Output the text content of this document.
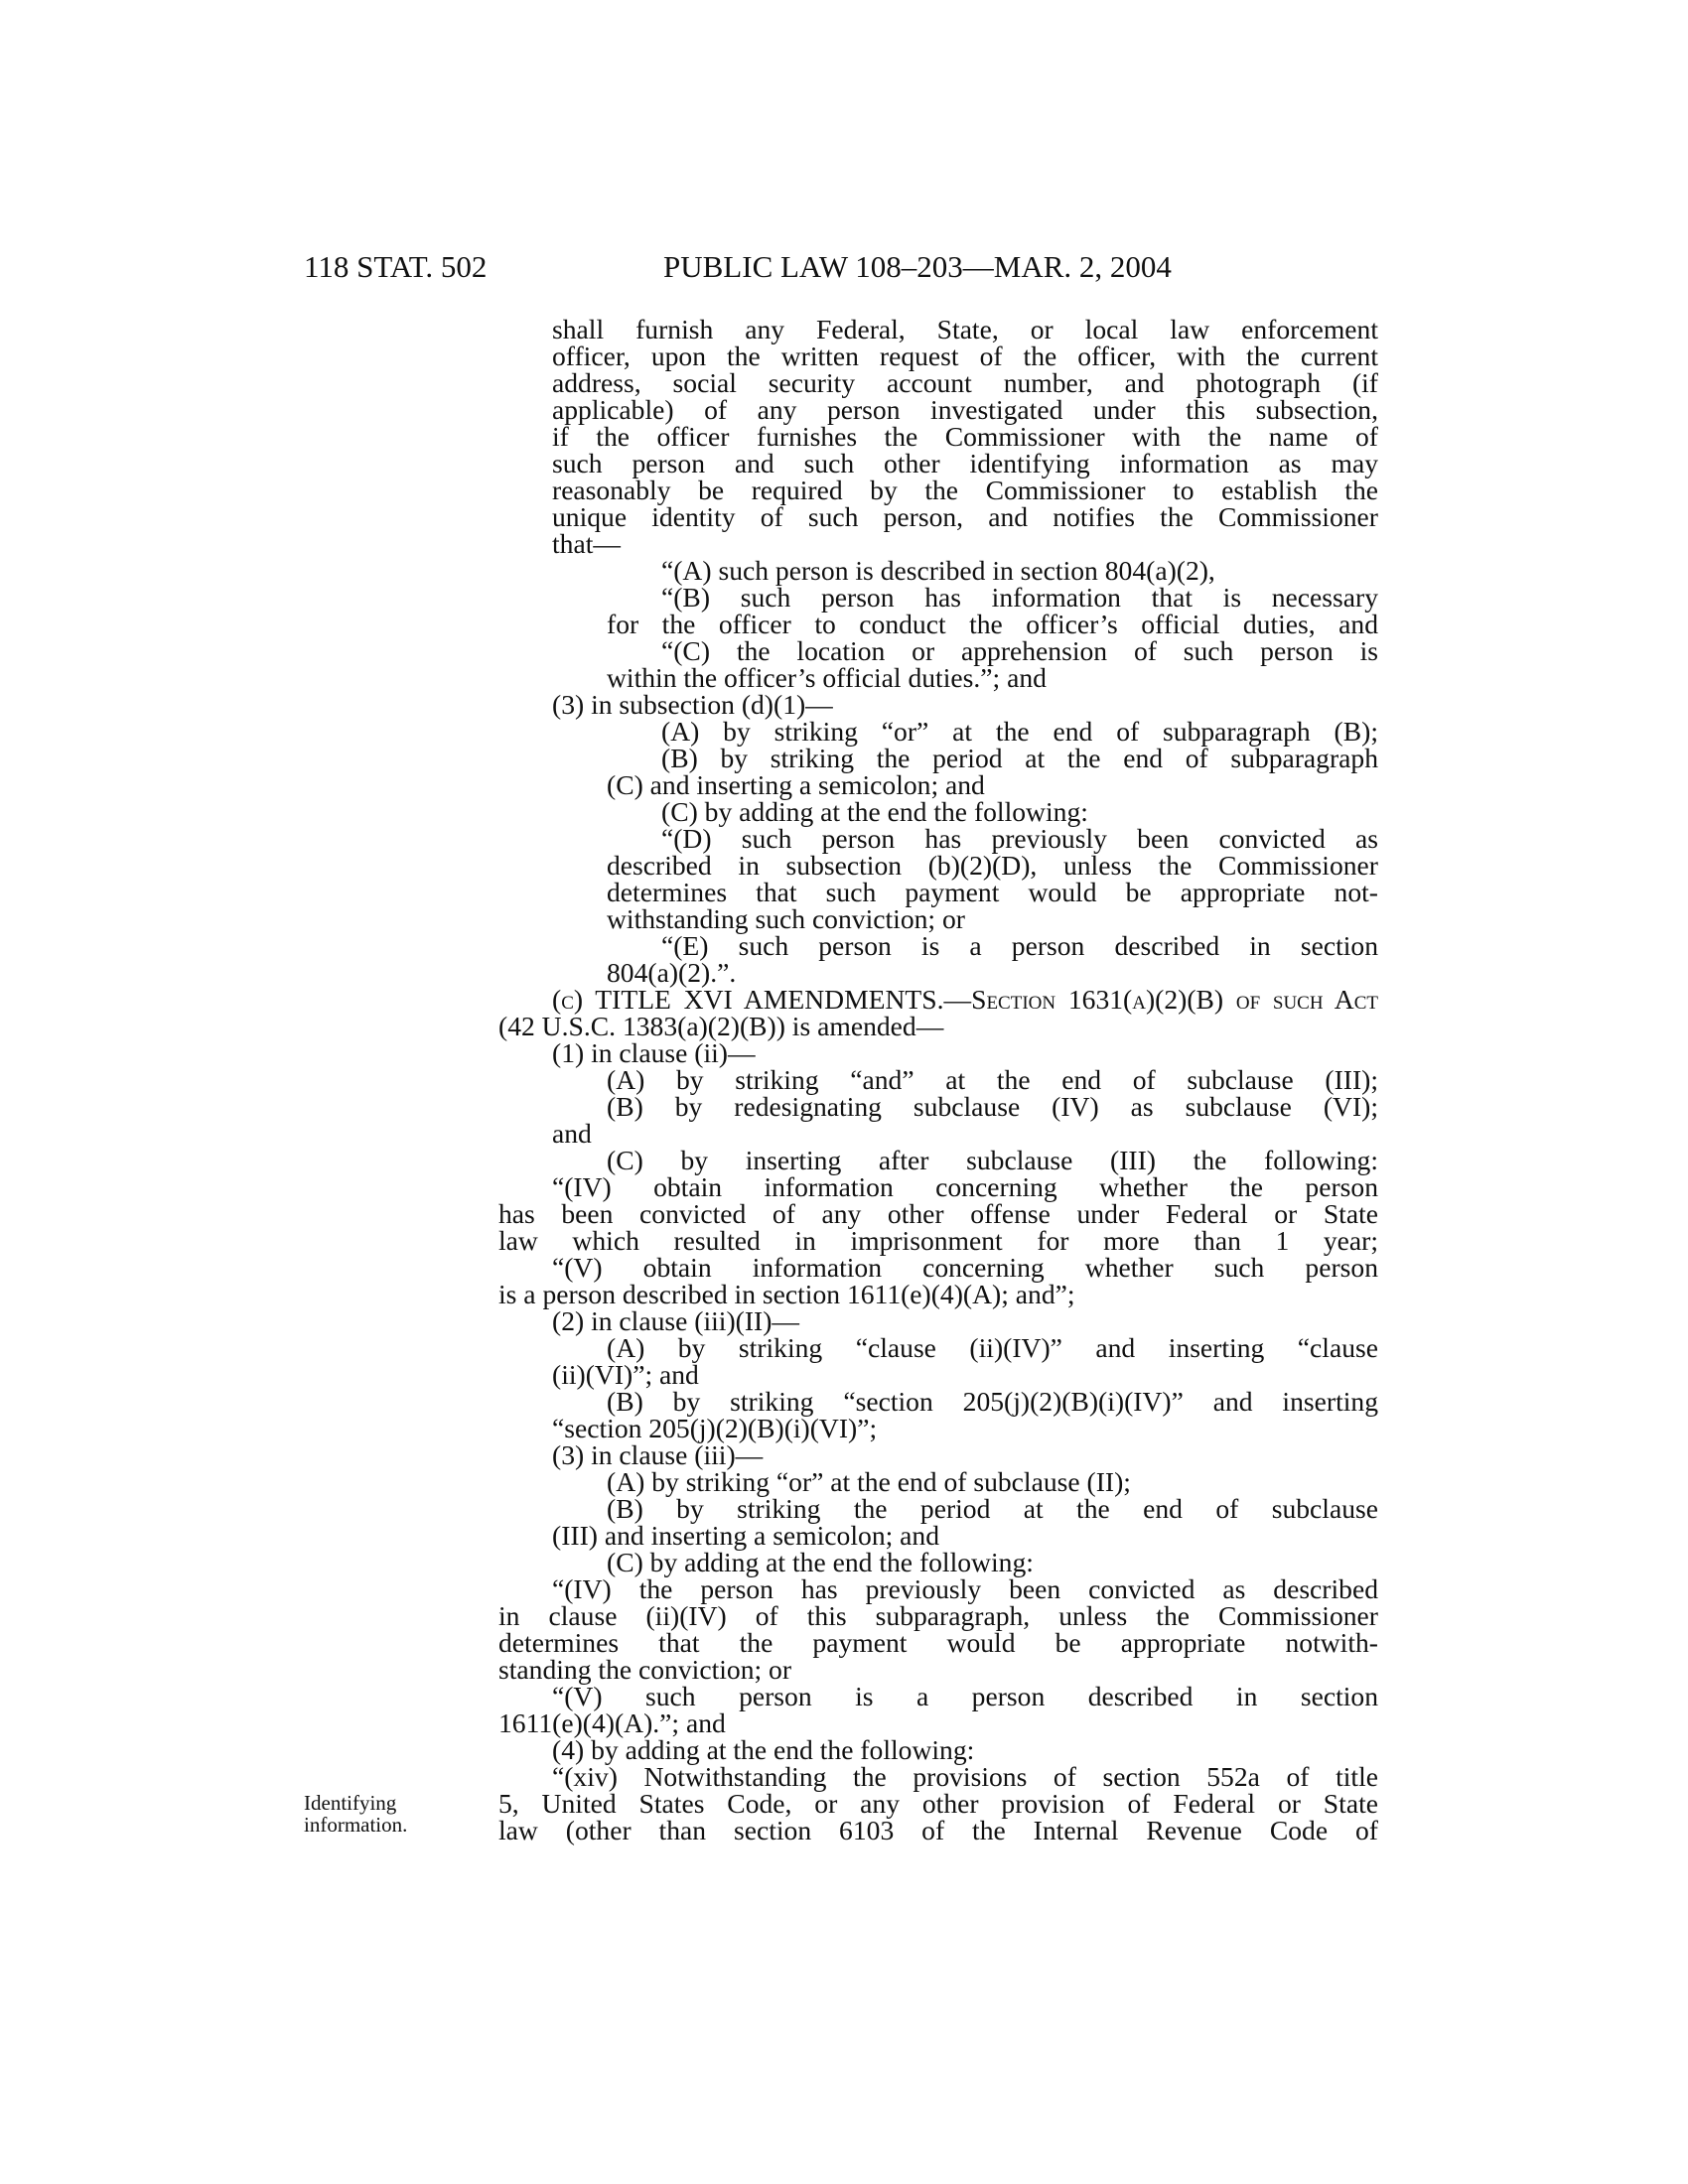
118 STAT. 502	PUBLIC LAW 108–203—MAR. 2, 2004
Identifying
information.
shall furnish any Federal, State, or local law enforcement
officer, upon the written request of the officer, with the current
address, social security account number, and photograph (if
applicable) of any person investigated under this subsection,
if the officer furnishes the Commissioner with the name of
such person and such other identifying information as may
reasonably be required by the Commissioner to establish the
unique identity of such person, and notifies the Commissioner
that—
“(A) such person is described in section 804(a)(2),
“(B) such person has information that is necessary
for the officer to conduct the officer’s official duties, and
“(C) the location or apprehension of such person is
within the officer’s official duties.”; and
(3) in subsection (d)(1)—
(A) by striking “or” at the end of subparagraph (B);
(B) by striking the period at the end of subparagraph
(C) and inserting a semicolon; and
(C) by adding at the end the following:
“(D) such person has previously been convicted as
described in subsection (b)(2)(D), unless the Commissioner
determines that such payment would be appropriate not-
withstanding such conviction; or
“(E) such person is a person described in section
804(a)(2).”.
(c) TITLE XVI AMENDMENTS.—Section 1631(a)(2)(B) of such Act
(42 U.S.C. 1383(a)(2)(B)) is amended—
(1) in clause (ii)—
(A) by striking “and” at the end of subclause (III);
(B) by redesignating subclause (IV) as subclause (VI);
and
(C) by inserting after subclause (III) the following:
“(IV) obtain information concerning whether the person
has been convicted of any other offense under Federal or State
law which resulted in imprisonment for more than 1 year;
“(V) obtain information concerning whether such person
is a person described in section 1611(e)(4)(A); and”;
(2) in clause (iii)(II)—
(A) by striking “clause (ii)(IV)” and inserting “clause
(ii)(VI)”; and
(B) by striking “section 205(j)(2)(B)(i)(IV)” and inserting
“section 205(j)(2)(B)(i)(VI)”;
(3) in clause (iii)—
(A) by striking “or” at the end of subclause (II);
(B) by striking the period at the end of subclause
(III) and inserting a semicolon; and
(C) by adding at the end the following:
“(IV) the person has previously been convicted as described
in clause (ii)(IV) of this subparagraph, unless the Commissioner
determines that the payment would be appropriate notwith-
standing the conviction; or
“(V) such person is a person described in section
1611(e)(4)(A).”; and
(4) by adding at the end the following:
“(xiv) Notwithstanding the provisions of section 552a of title
5, United States Code, or any other provision of Federal or State
law (other than section 6103 of the Internal Revenue Code of
